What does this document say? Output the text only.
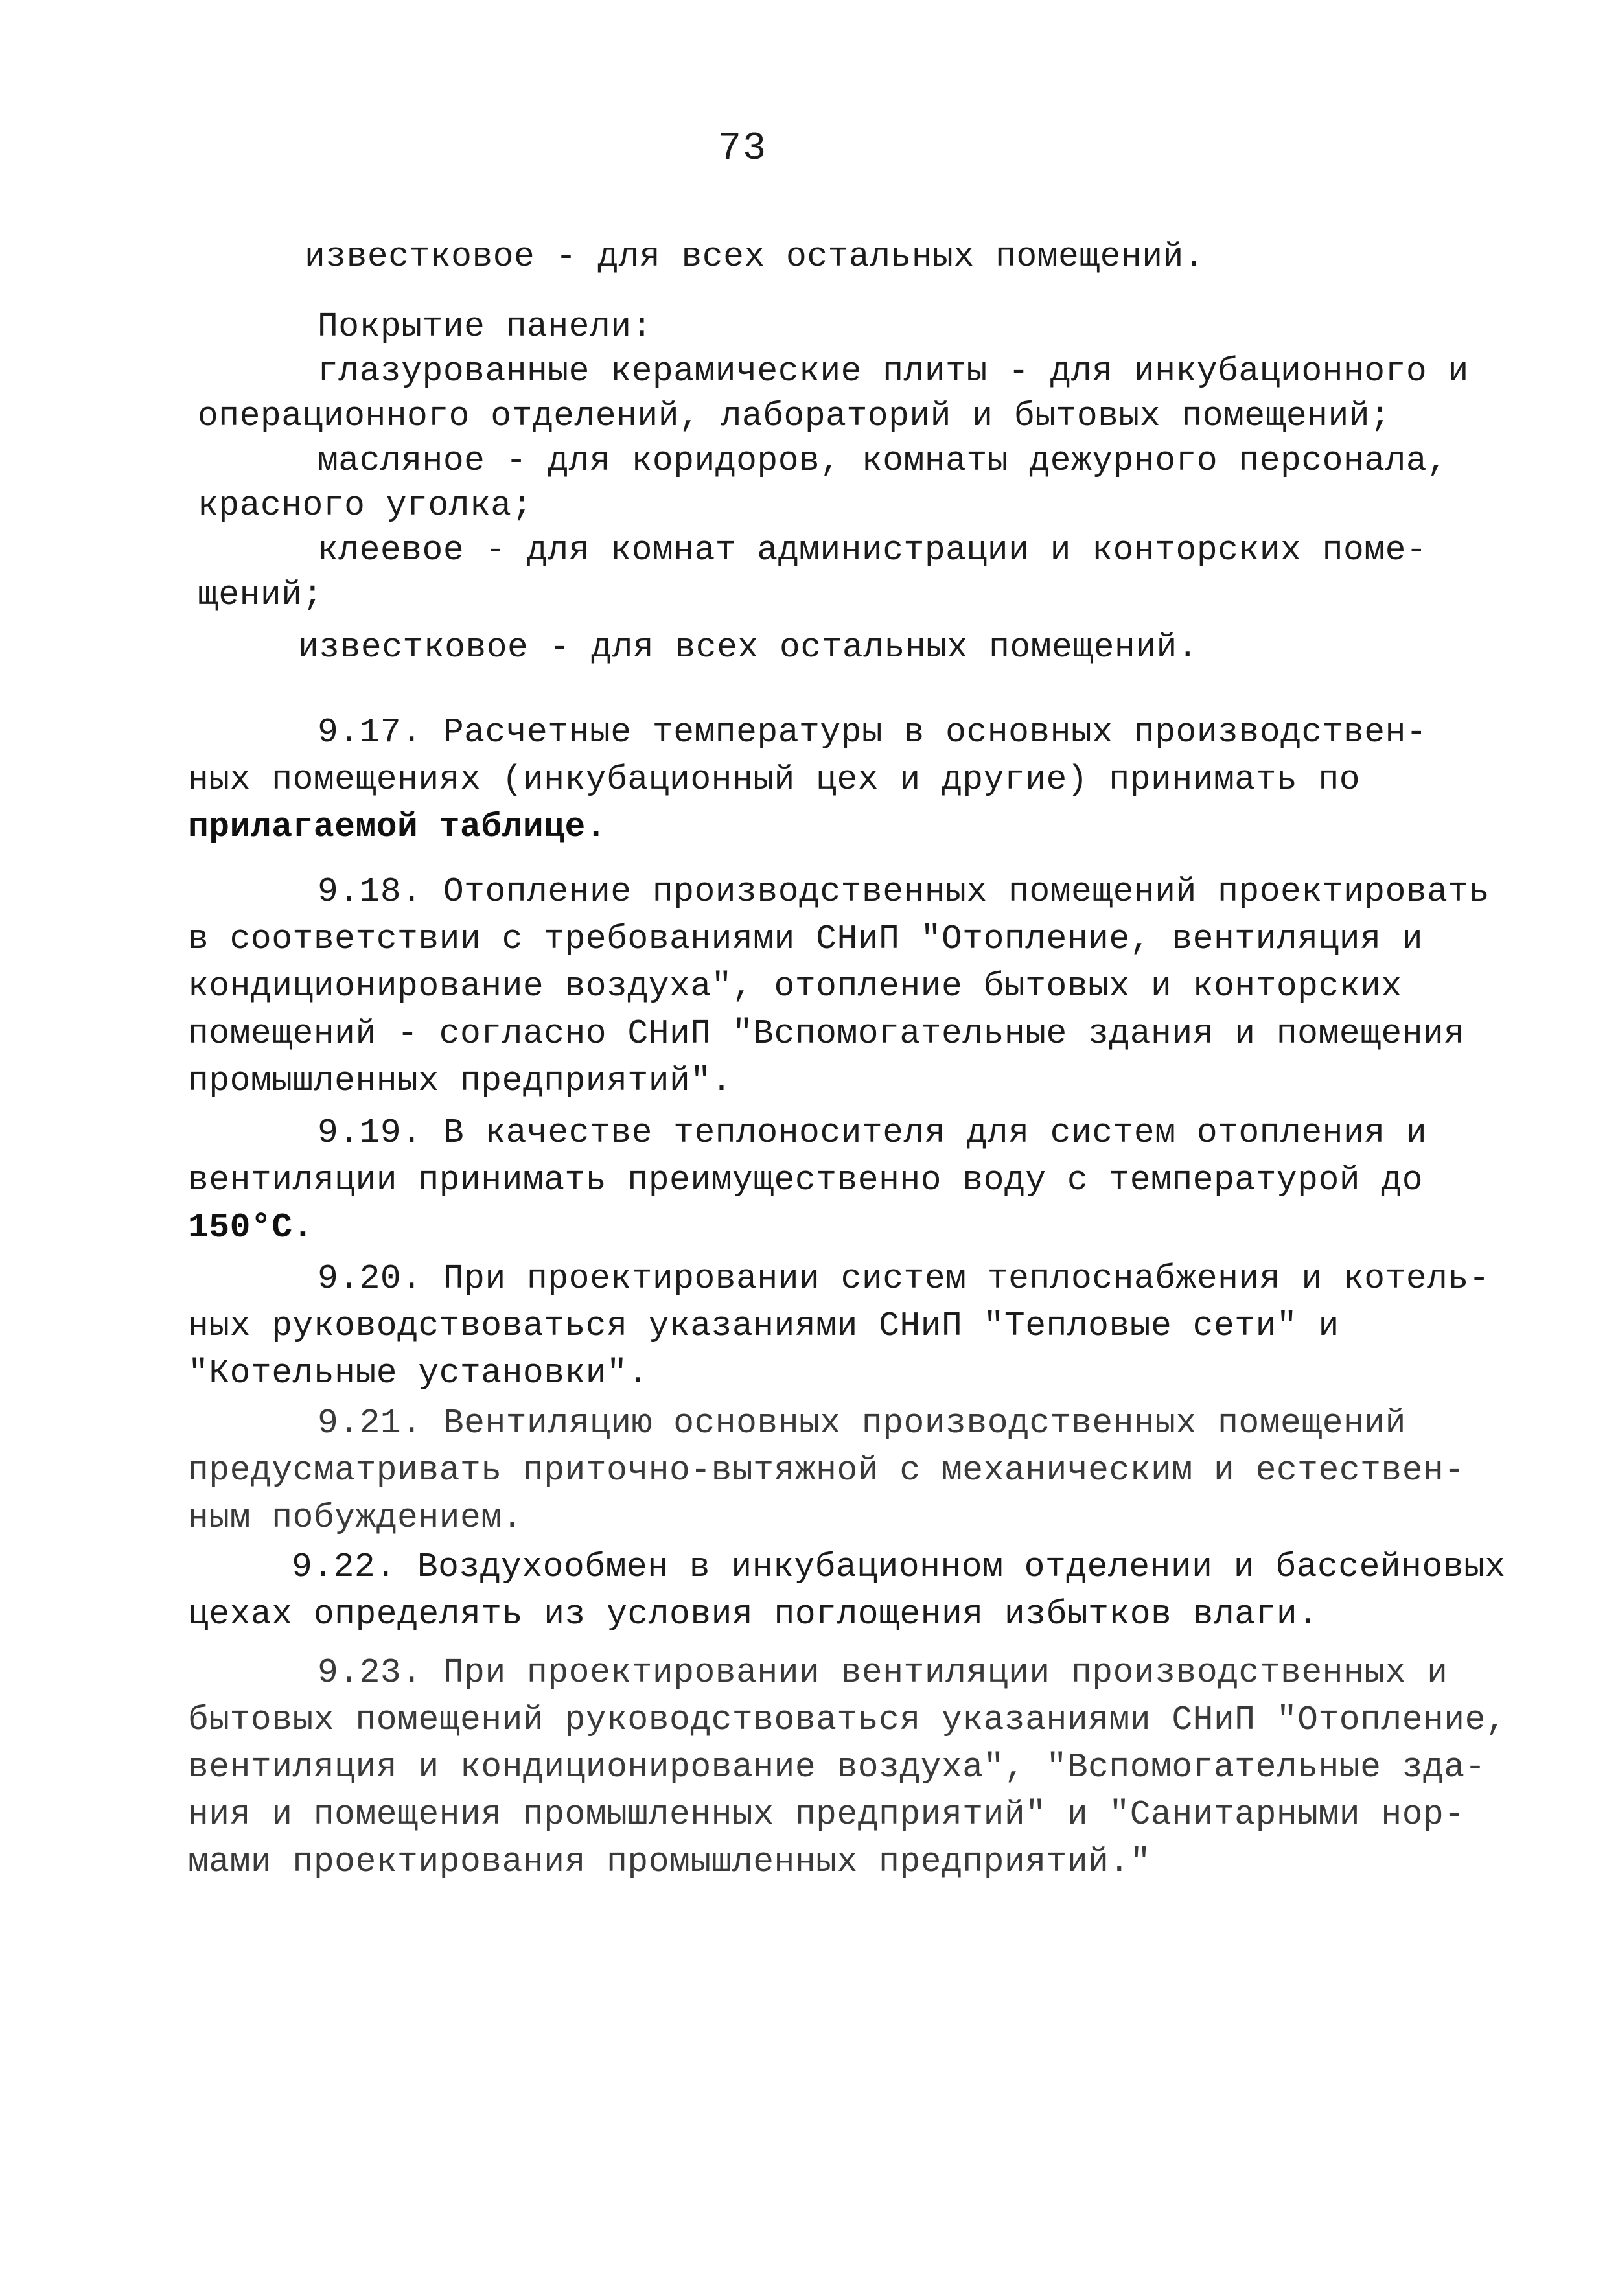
73
известковое - для всех остальных помещений.
Покрытие панели:
глазурованные керамические плиты - для инкубационного и
операционного отделений, лабораторий и бытовых помещений;
масляное - для коридоров, комнаты дежурного персонала,
красного уголка;
клеевое - для комнат администрации и конторских поме-
щений;
известковое - для всех остальных помещений.
9.17. Расчетные температуры в основных производствен-
ных помещениях (инкубационный цех и другие) принимать по
прилагаемой таблице.
9.18. Отопление производственных помещений проектировать
в соответствии с требованиями СНиП "Отопление, вентиляция и
кондиционирование воздуха", отопление бытовых и конторских
помещений - согласно СНиП "Вспомогательные здания и помещения
промышленных предприятий".
9.19. В качестве теплоносителя для систем отопления и
вентиляции принимать преимущественно воду с температурой до
150°С.
9.20. При проектировании систем теплоснабжения и котель-
ных руководствоваться указаниями СНиП "Тепловые сети" и
"Котельные установки".
9.21. Вентиляцию основных производственных помещений
предусматривать приточно-вытяжной с механическим и естествен-
ным побуждением.
9.22. Воздухообмен в инкубационном отделении и бассейновых
цехах определять из условия поглощения избытков влаги.
9.23. При проектировании вентиляции производственных и
бытовых помещений руководствоваться указаниями СНиП "Отопление,
вентиляция и кондиционирование воздуха", "Вспомогательные зда-
ния и помещения промышленных предприятий" и "Санитарными нор-
мами проектирования промышленных предприятий."
